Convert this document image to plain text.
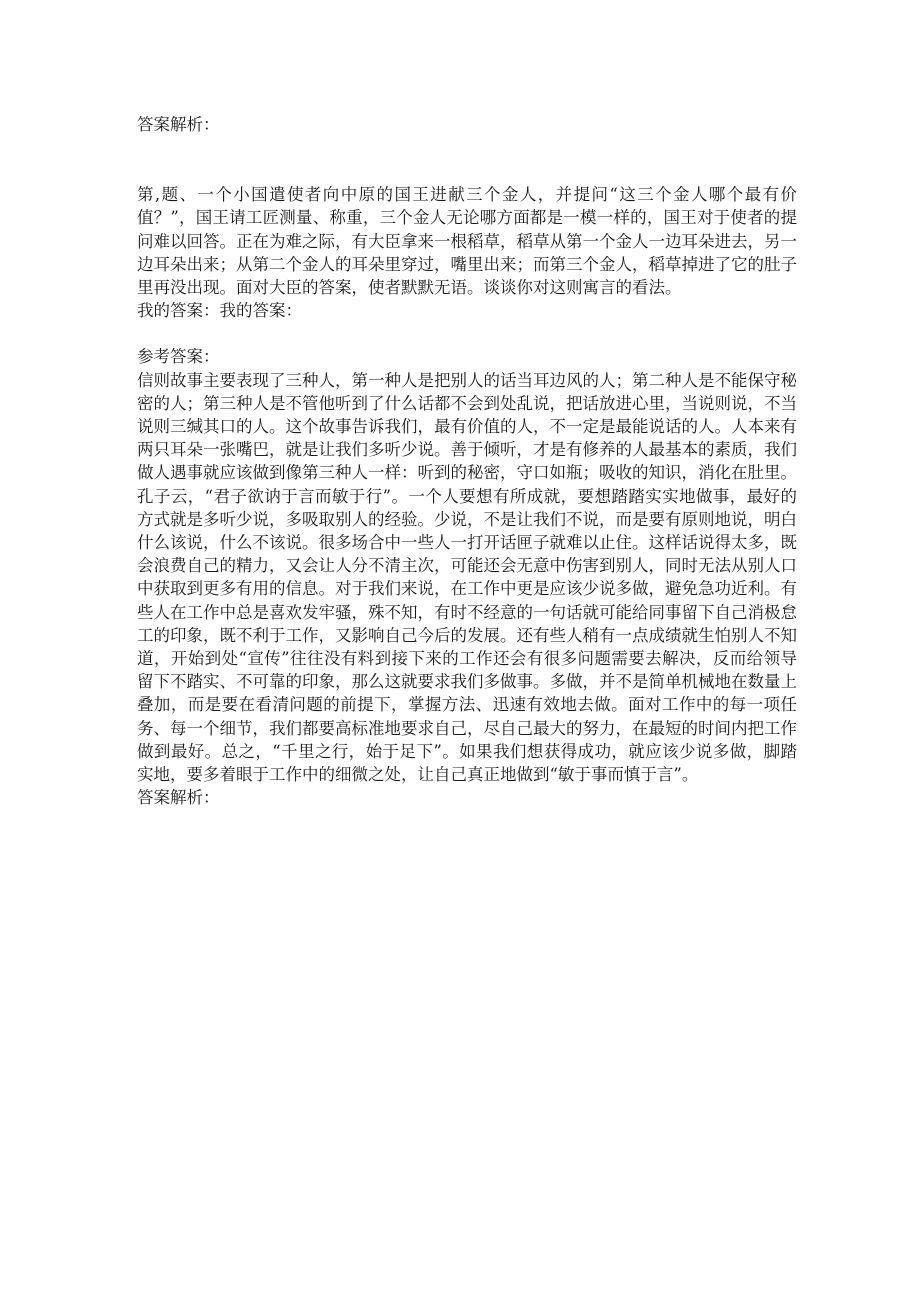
答案解析：

第,题、一个小国遣使者向中原的国王进献三个金人，并提问“这三个金人哪个最有价值？”，国王请工匠测量、称重，三个金人无论哪方面都是一模一样的，国王对于使者的提问难以回答。正在为难之际，有大臣拿来一根稻草，稻草从第一个金人一边耳朵进去，另一边耳朵出来；从第二个金人的耳朵里穿过，嘴里出来；而第三个金人，稻草掉进了它的肚子里再没出现。面对大臣的答案，使者默默无语。谈谈你对这则寓言的看法。

我的答案：我的答案：

参考答案：

信则故事主要表现了三种人，第一种人是把别人的话当耳边风的人；第二种人是不能保守秘密的人；第三种人是不管他听到了什么话都不会到处乱说，把话放进心里，当说则说，不当说则三缄其口的人。这个故事告诉我们，最有价值的人，不一定是最能说话的人。人本来有两只耳朵一张嘴巴，就是让我们多听少说。善于倾听，才是有修养的人最基本的素质，我们做人遇事就应该做到像第三种人一样：听到的秘密，守口如瓶；吸收的知识，消化在肚里。孔子云，“君子欲讷于言而敏于行”。一个人要想有所成就，要想踏踏实实地做事，最好的方式就是多听少说，多吸取别人的经验。少说，不是让我们不说，而是要有原则地说，明白什么该说，什么不该说。很多场合中一些人一打开话匣子就难以止住。这样话说得太多，既会浪费自己的精力，又会让人分不清主次，可能还会无意中伤害到别人，同时无法从别人口中获取到更多有用的信息。对于我们来说，在工作中更是应该少说多做，避免急功近利。有些人在工作中总是喜欢发牢骚，殊不知，有时不经意的一句话就可能给同事留下自己消极怠工的印象，既不利于工作，又影响自己今后的发展。还有些人稍有一点成绩就生怕别人不知道，开始到处“宣传”往往没有料到接下来的工作还会有很多问题需要去解决，反而给领导留下不踏实、不可靠的印象，那么这就要求我们多做事。多做，并不是简单机械地在数量上叠加，而是要在看清问题的前提下，掌握方法、迅速有效地去做。面对工作中的每一项任务、每一个细节，我们都要高标准地要求自己，尽自己最大的努力，在最短的时间内把工作做到最好。总之，“千里之行，始于足下”。如果我们想获得成功，就应该少说多做，脚踏实地，要多着眼于工作中的细微之处，让自己真正地做到“敏于事而慎于言”。

答案解析：
